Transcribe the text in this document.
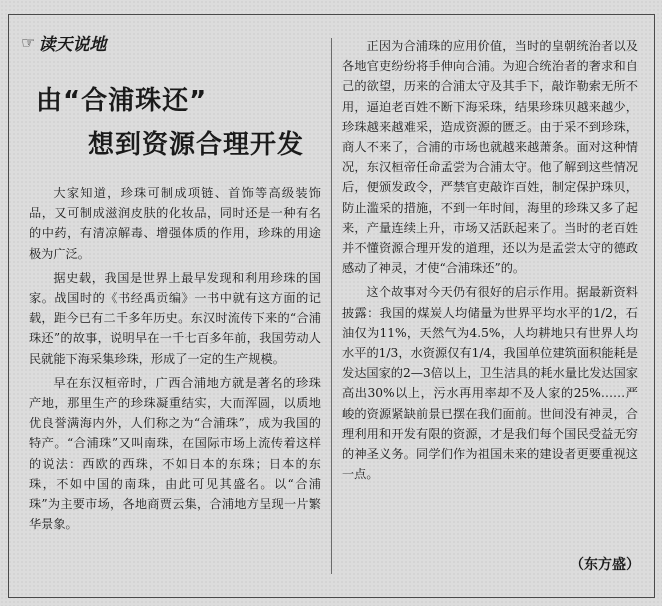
☞ 读天说地
由“合浦珠还”
想到资源合理开发

大家知道，珍珠可制成项链、首饰等高级装饰品，又可制成滋润皮肤的化妆品，同时还是一种有名的中药，有清凉解毒、增强体质的作用，珍珠的用途极为广泛。

据史载，我国是世界上最早发现和利用珍珠的国家。战国时的《书经禹贡编》一书中就有这方面的记载，距今已有二千多年历史。东汉时流传下来的“合浦珠还”的故事，说明早在一千七百多年前，我国劳动人民就能下海采集珍珠，形成了一定的生产规模。

早在东汉桓帝时，广西合浦地方就是著名的珍珠产地，那里生产的珍珠凝重结实，大而浑圆，以质地优良誉满海内外，人们称之为“合浦珠”，成为我国的特产。“合浦珠”又叫南珠，在国际市场上流传着这样的说法：西欧的西珠，不如日本的东珠；日本的东珠，不如中国的南珠，由此可见其盛名。以“合浦珠”为主要市场，各地商贾云集，合浦地方呈现一片繁华景象。

正因为合浦珠的应用价值，当时的皇朝统治者以及各地官吏纷纷将手伸向合浦。为迎合统治者的奢求和自己的欲望，历来的合浦太守及其手下，敲诈勒索无所不用，逼迫老百姓不断下海采珠，结果珍珠贝越来越少，珍珠越来越难采，造成资源的匮乏。由于采不到珍珠，商人不来了，合浦的市场也就越来越萧条。面对这种情况，东汉桓帝任命孟尝为合浦太守。他了解到这些情况后，便颁发政令，严禁官吏敲诈百姓，制定保护珠贝，防止滥采的措施，不到一年时间，海里的珍珠又多了起来，产量连续上升，市场又活跃起来了。当时的老百姓并不懂资源合理开发的道理，还以为是孟尝太守的德政感动了神灵，才使“合浦珠还”的。

这个故事对今天仍有很好的启示作用。据最新资料披露：我国的煤炭人均储量为世界平均水平的1/2，石油仅为11%，天然气为4.5%，人均耕地只有世界人均水平的1/3，水资源仅有1/4，我国单位建筑面积能耗是发达国家的2—3倍以上，卫生洁具的耗水量比发达国家高出30%以上，污水再用率却不及人家的25%……严峻的资源紧缺前景已摆在我们面前。世间没有神灵，合理利用和开发有限的资源，才是我们每个国民受益无穷的神圣义务。同学们作为祖国未来的建设者更要重视这一点。

（东方盛）
